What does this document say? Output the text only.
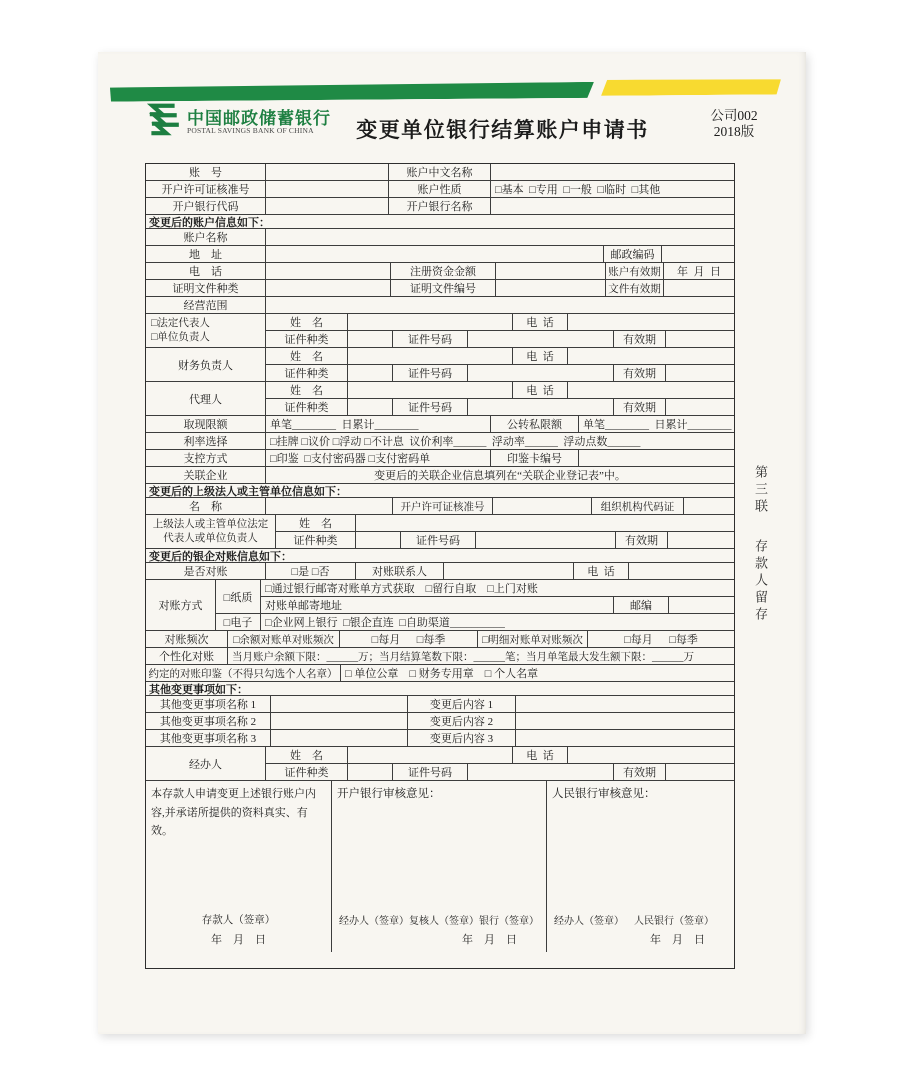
中国邮政储蓄银行
POSTAL SAVINGS BANK OF CHINA	变更单位银行结算账户申请书
公司002
2018版
账    号	账户中文名称
开户许可证核准号	账户性质	□基本  □专用  □一般  □临时  □其他
开户银行代码	开户银行名称
变更后的账户信息如下：
账户名称
地    址	邮政编码
电    话	注册资金金额	账户有效期	年  月  日
证明文件种类	证明文件编号	文件有效期
经营范围
□法定代表人
□单位负责人
姓    名	电  话
证件种类	证件号码	有效期
财务负责人
姓    名	电  话
证件种类	证件号码	有效期
代理人
姓    名	电  话
证件种类	证件号码	有效期
取现限额	单笔________  日累计________	公转私限额	单笔________  日累计________
利率选择	□挂牌 □议价 □浮动 □不计息  议价利率______  浮动率______  浮动点数______
支控方式	□印鉴  □支付密码器 □支付密码单	印鉴卡编号
关联企业	变更后的关联企业信息填列在“关联企业登记表”中。
变更后的上级法人或主管单位信息如下：
名    称	开户许可证核准号	组织机构代码证
上级法人或主管单位法定
代表人或单位负责人
姓    名
证件种类	证件号码	有效期
变更后的银企对账信息如下：
是否对账	□是 □否	对账联系人	电  话
对账方式
□纸质
□通过银行邮寄对账单方式获取    □留行自取    □上门对账
对账单邮寄地址	邮编
□电子	□企业网上银行  □银企直连  □自助渠道__________
对账频次	□余额对账单对账频次	□每月      □每季	□明细对账单对账频次	□每月      □每季
个性化对账	当月账户余额下限：______万；当月结算笔数下限：______笔；当月单笔最大发生额下限：______万
约定的对账印鉴（不得只勾选个人名章） □ 单位公章    □ 财务专用章    □ 个人名章
其他变更事项如下：
其他变更事项名称 1	变更后内容 1
其他变更事项名称 2	变更后内容 2
其他变更事项名称 3	变更后内容 3
经办人
姓    名	电  话
证件种类	证件号码	有效期

本存款人申请变更上述银行账户内容,并承诺所提供的资料真实、有效。

存款人（签章）
年    月    日

开户银行审核意见：

经办人（签章）复核人（签章）银行（签章）
年    月    日

人民银行审核意见：

经办人（签章）    人民银行（签章）
年    月    日
第三联 存款人留存
